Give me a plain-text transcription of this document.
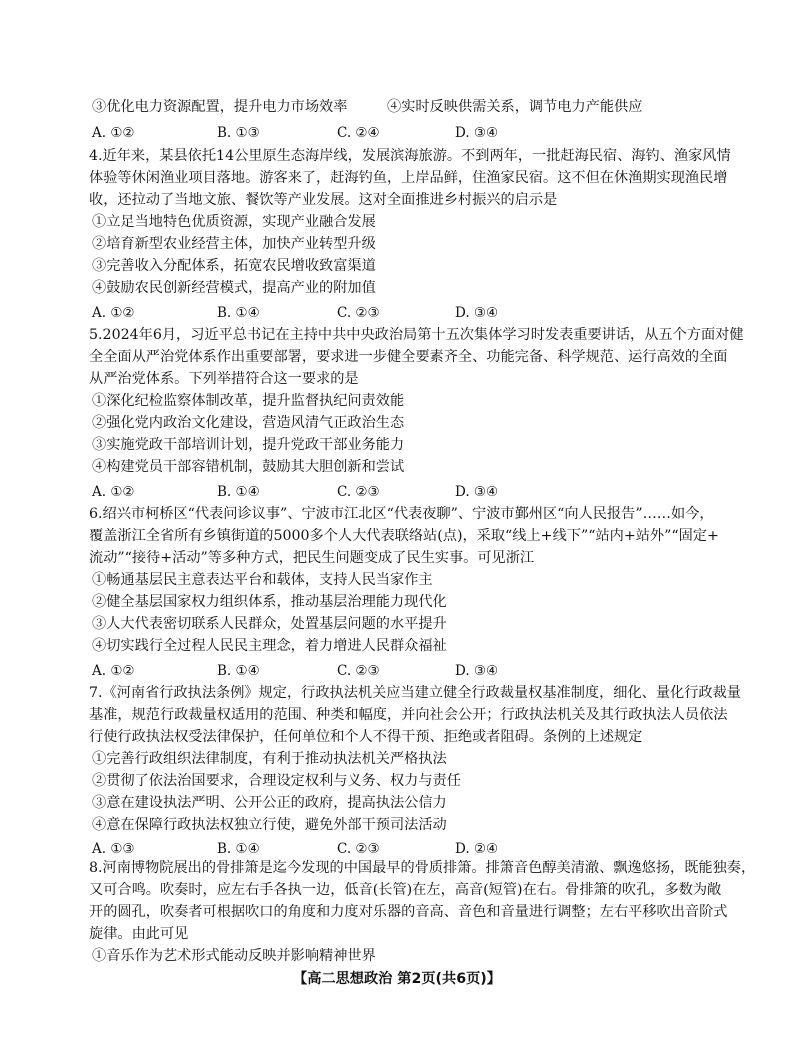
③优化电力资源配置，提升电力市场效率	④实时反映供需关系，调节电力产能供应
A. ①②	B. ①③	C. ②④	D. ③④
4.近年来，某县依托14公里原生态海岸线，发展滨海旅游。不到两年，一批赶海民宿、海钓、渔家风情
体验等休闲渔业项目落地。游客来了，赶海钓鱼，上岸品鲜，住渔家民宿。这不但在休渔期实现渔民增
收，还拉动了当地文旅、餐饮等产业发展。这对全面推进乡村振兴的启示是
①立足当地特色优质资源，实现产业融合发展
②培育新型农业经营主体，加快产业转型升级
③完善收入分配体系，拓宽农民增收致富渠道
④鼓励农民创新经营模式，提高产业的附加值
A. ①②	B. ①④	C. ②③	D. ③④
5.2024年6月，习近平总书记在主持中共中央政治局第十五次集体学习时发表重要讲话，从五个方面对健
全全面从严治党体系作出重要部署，要求进一步健全要素齐全、功能完备、科学规范、运行高效的全面
从严治党体系。下列举措符合这一要求的是
①深化纪检监察体制改革，提升监督执纪问责效能
②强化党内政治文化建设，营造风清气正政治生态
③实施党政干部培训计划，提升党政干部业务能力
④构建党员干部容错机制，鼓励其大胆创新和尝试
A. ①②	B. ①④	C. ②③	D. ③④
6.绍兴市柯桥区“代表问诊议事”、宁波市江北区“代表夜聊”、宁波市鄞州区“向人民报告”……如今，
覆盖浙江全省所有乡镇街道的5000多个人大代表联络站(点)，采取“线上+线下”“站内+站外”“固定+
流动”“接待+活动”等多种方式，把民生问题变成了民生实事。可见浙江
①畅通基层民主意表达平台和载体，支持人民当家作主
②健全基层国家权力组织体系，推动基层治理能力现代化
③人大代表密切联系人民群众，处置基层问题的水平提升
④切实践行全过程人民民主理念，着力增进人民群众福祉
A. ①②	B. ①④	C. ②③	D. ③④
7.《河南省行政执法条例》规定，行政执法机关应当建立健全行政裁量权基准制度，细化、量化行政裁量
基准，规范行政裁量权适用的范围、种类和幅度，并向社会公开；行政执法机关及其行政执法人员依法
行使行政执法权受法律保护，任何单位和个人不得干预、拒绝或者阻碍。条例的上述规定
①完善行政组织法律制度，有利于推动执法机关严格执法
②贯彻了依法治国要求，合理设定权利与义务、权力与责任
③意在建设执法严明、公开公正的政府，提高执法公信力
④意在保障行政执法权独立行使，避免外部干预司法活动
A. ①③	B. ①④	C. ②③	D. ②④
8.河南博物院展出的骨排箫是迄今发现的中国最早的骨质排箫。排箫音色醇美清澈、飘逸悠扬，既能独奏，
又可合鸣。吹奏时，应左右手各执一边，低音(长管)在左，高音(短管)在右。骨排箫的吹孔，多数为敞
开的圆孔，吹奏者可根据吹口的角度和力度对乐器的音高、音色和音量进行调整；左右平移吹出音阶式
旋律。由此可见
①音乐作为艺术形式能动反映并影响精神世界
【高二思想政治 第2页(共6页)】
